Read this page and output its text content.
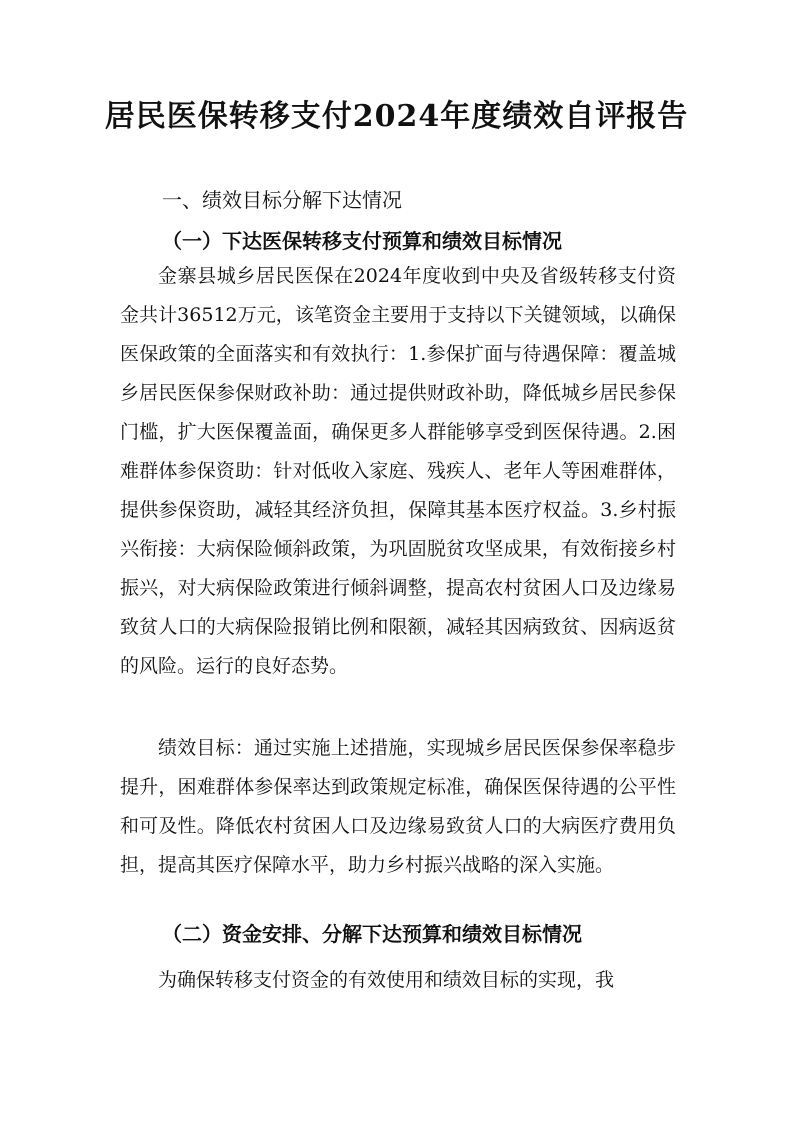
居民医保转移支付2024年度绩效自评报告
一、绩效目标分解下达情况
（一）下达医保转移支付预算和绩效目标情况
金寨县城乡居民医保在2024年度收到中央及省级转移支付资金共计36512万元，该笔资金主要用于支持以下关键领域，以确保医保政策的全面落实和有效执行：1.参保扩面与待遇保障：覆盖城乡居民医保参保财政补助：通过提供财政补助，降低城乡居民参保门槛，扩大医保覆盖面，确保更多人群能够享受到医保待遇。2.困难群体参保资助：针对低收入家庭、残疾人、老年人等困难群体，提供参保资助，减轻其经济负担，保障其基本医疗权益。3.乡村振兴衔接：大病保险倾斜政策，为巩固脱贫攻坚成果，有效衔接乡村振兴，对大病保险政策进行倾斜调整，提高农村贫困人口及边缘易致贫人口的大病保险报销比例和限额，减轻其因病致贫、因病返贫的风险。运行的良好态势。
绩效目标：通过实施上述措施，实现城乡居民医保参保率稳步提升，困难群体参保率达到政策规定标准，确保医保待遇的公平性和可及性。降低农村贫困人口及边缘易致贫人口的大病医疗费用负担，提高其医疗保障水平，助力乡村振兴战略的深入实施。
（二）资金安排、分解下达预算和绩效目标情况
为确保转移支付资金的有效使用和绩效目标的实现，我
